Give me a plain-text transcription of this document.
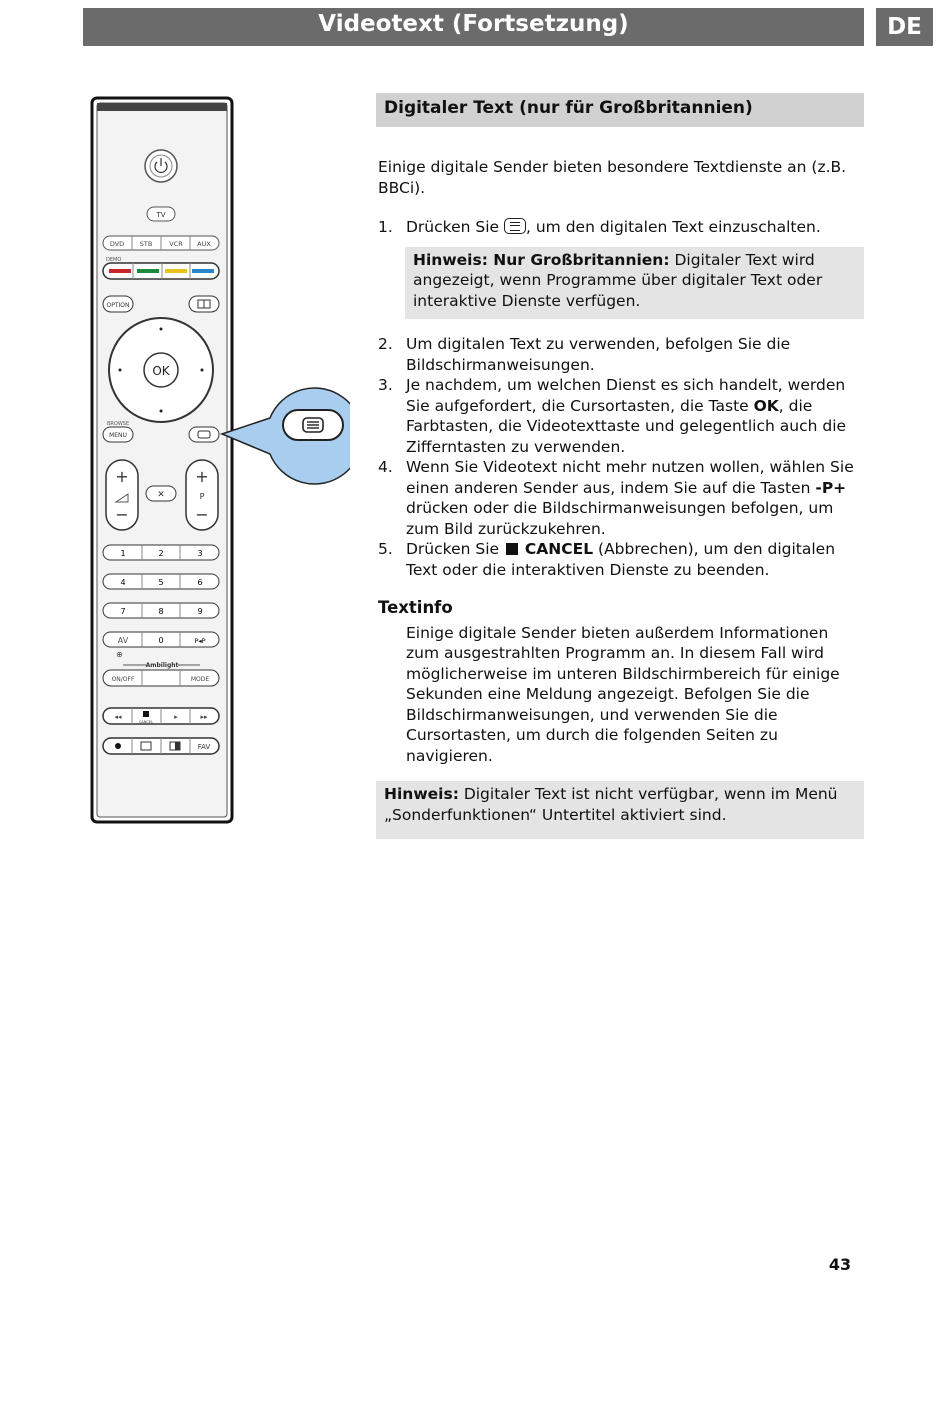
Videotext (Fortsetzung)	DE
TV
DVD STB	VCR AUX
DEMO
OPTION
OK
BROWSE
MENU
+
−
+
P
−
✕
1	2	3
4	5	6
7	8	9
AV	0	P◂P
⊕
Ambilight
ON/OFF	MODE
◂◂
CANCEL
▸	▸▸
FAV
Digitaler Text (nur für Großbritannien)

Einige digitale Sender bieten besondere Textdienste an (z.B. BBCi).

1. Drücken Sie , um den digitalen Text einzuschalten.
Hinweis: Nur Großbritannien: Digitaler Text wird angezeigt, wenn Programme über digitaler Text oder interaktive Dienste verfügen.
2. Um digitalen Text zu verwenden, befolgen Sie die Bildschirmanweisungen.
3. Je nachdem, um welchen Dienst es sich handelt, werden Sie aufgefordert, die Cursortasten, die Taste OK, die Farbtasten, die Videotexttaste und gelegentlich auch die Zifferntasten zu verwenden.
4. Wenn Sie Videotext nicht mehr nutzen wollen, wählen Sie einen anderen Sender aus, indem Sie auf die Tasten -P+ drücken oder die Bildschirmanweisungen befolgen, um zum Bild zurückzukehren.
5. Drücken Sie  CANCEL (Abbrechen), um den digitalen Text oder die interaktiven Dienste zu beenden.
Textinfo

Einige digitale Sender bieten außerdem Informationen zum ausgestrahlten Programm an. In diesem Fall wird möglicherweise im unteren Bildschirmbereich für einige Sekunden eine Meldung angezeigt. Befolgen Sie die Bildschirmanweisungen, und verwenden Sie die Cursortasten, um durch die folgenden Seiten zu navigieren.

Hinweis: Digitaler Text ist nicht verfügbar, wenn im Menü „Sonderfunktionen“ Untertitel aktiviert sind.
43
